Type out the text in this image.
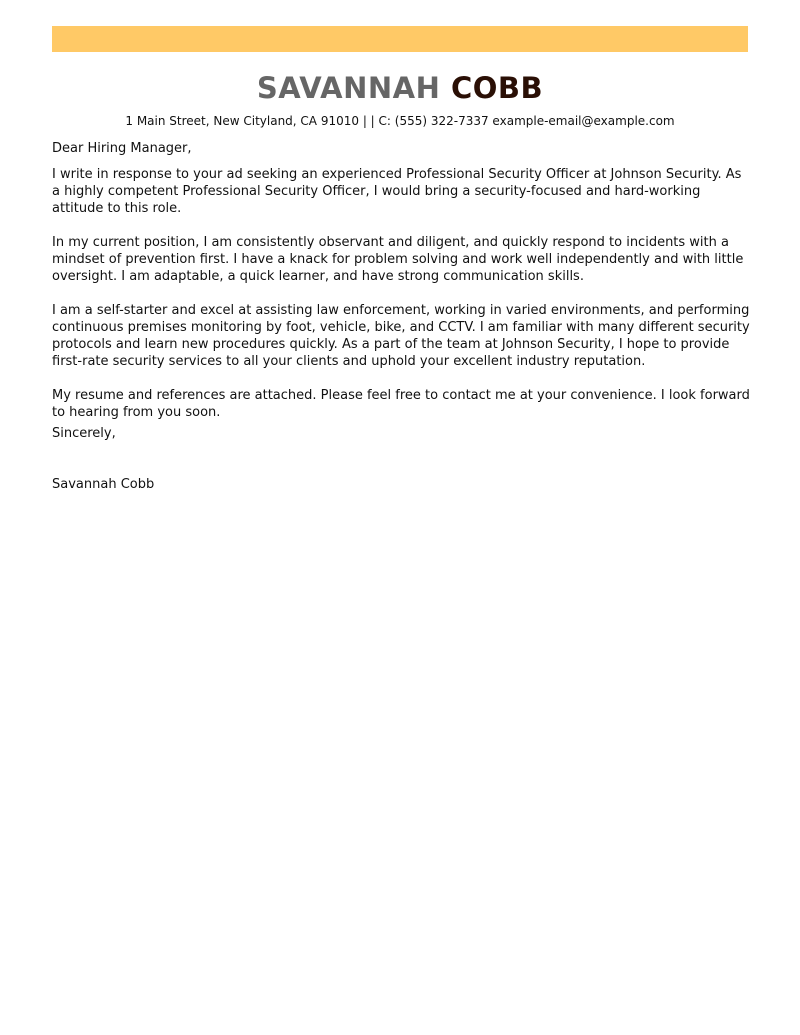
SAVANNAH COBB
1 Main Street, New Cityland, CA 91010 | | C: (555) 322-7337 example-email@example.com

Dear Hiring Manager,

I write in response to your ad seeking an experienced Professional Security Officer at Johnson Security. As a highly competent Professional Security Officer, I would bring a security-focused and hard-working attitude to this role.

In my current position, I am consistently observant and diligent, and quickly respond to incidents with a mindset of prevention first. I have a knack for problem solving and work well independently and with little oversight. I am adaptable, a quick learner, and have strong communication skills.

I am a self-starter and excel at assisting law enforcement, working in varied environments, and performing continuous premises monitoring by foot, vehicle, bike, and CCTV. I am familiar with many different security protocols and learn new procedures quickly. As a part of the team at Johnson Security, I hope to provide first-rate security services to all your clients and uphold your excellent industry reputation.

My resume and references are attached. Please feel free to contact me at your convenience. I look forward to hearing from you soon.

Sincerely,

Savannah Cobb
